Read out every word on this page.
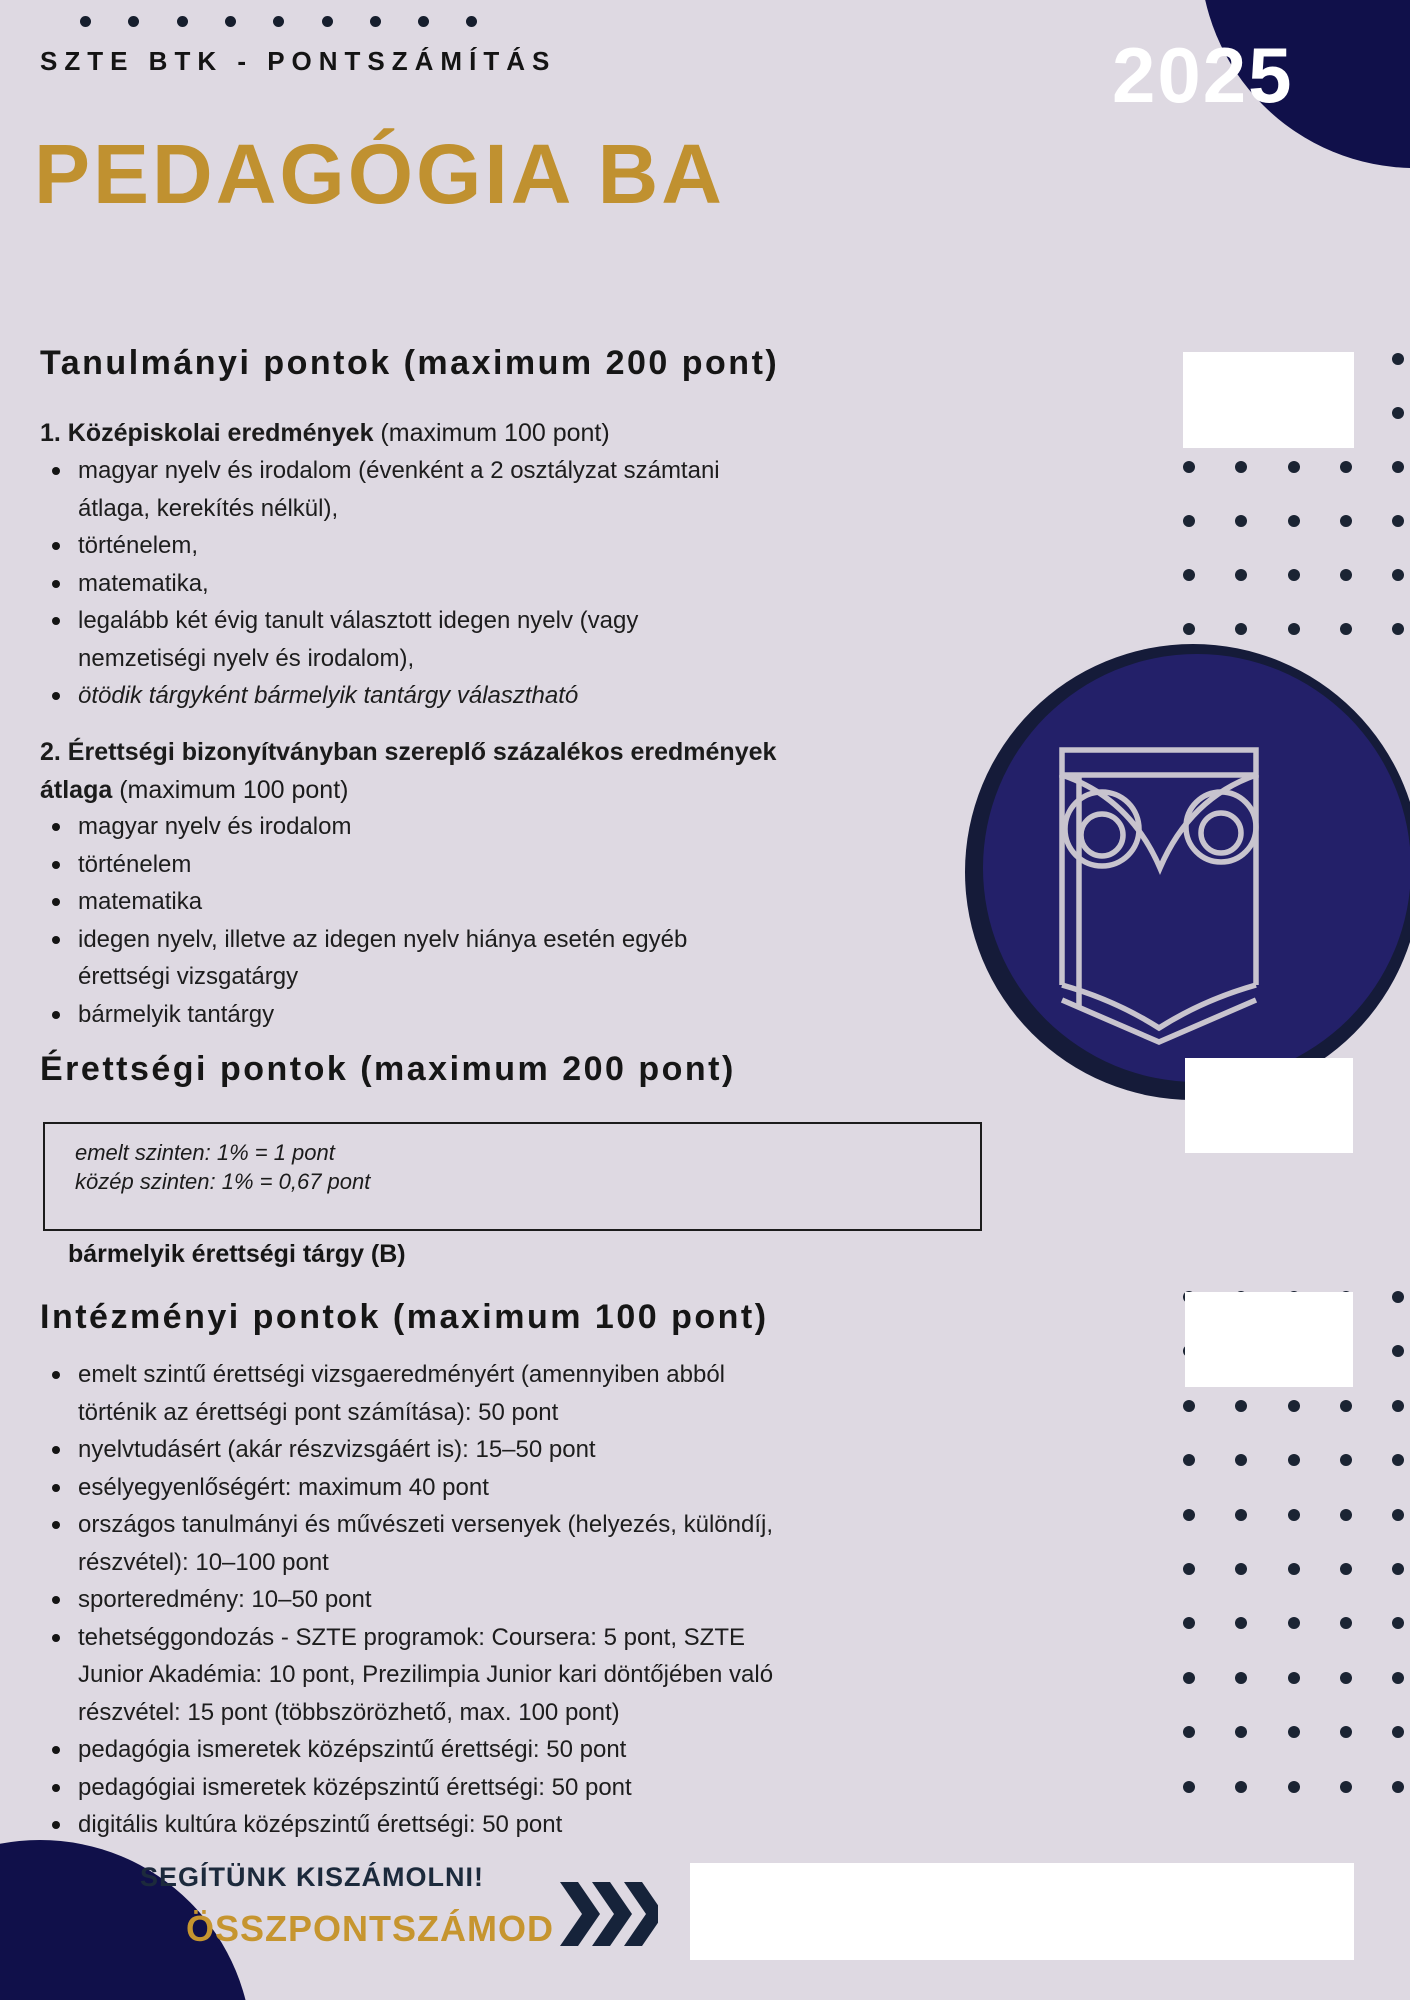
SZTE BTK - PONTSZÁMÍTÁS	2025
PEDAGÓGIA BA
Tanulmányi pontok (maximum 200 pont)
1. Középiskolai eredmények (maximum 100 pont)
magyar nyelv és irodalom (évenként a 2 osztályzat számtani átlaga, kerekítés nélkül),
történelem,
matematika,
legalább két évig tanult választott idegen nyelv (vagy nemzetiségi nyelv és irodalom),
ötödik tárgyként bármelyik tantárgy választható
2. Érettségi bizonyítványban szereplő százalékos eredmények átlaga (maximum 100 pont)
magyar nyelv és irodalom
történelem
matematika
idegen nyelv, illetve az idegen nyelv hiánya esetén egyéb érettségi vizsgatárgy
bármelyik tantárgy
Érettségi pontok (maximum 200 pont)
emelt szinten: 1% = 1 pont
közép szinten: 1% = 0,67 pont
bármelyik érettségi tárgy (B)
Intézményi pontok (maximum 100 pont)
emelt szintű érettségi vizsgaeredményért (amennyiben abból történik az érettségi pont számítása): 50 pont
nyelvtudásért (akár részvizsgáért is): 15–50 pont
esélyegyenlőségért: maximum 40 pont
országos tanulmányi és művészeti versenyek (helyezés, különdíj, részvétel): 10–100 pont
sporteredmény: 10–50 pont
tehetséggondozás - SZTE programok: Coursera: 5 pont, SZTE Junior Akadémia: 10 pont, Prezilimpia Junior kari döntőjében való részvétel: 15 pont (többszörözhető, max. 100 pont)
pedagógia ismeretek középszintű érettségi: 50 pont
pedagógiai ismeretek középszintű érettségi: 50 pont
digitális kultúra középszintű érettségi: 50 pont
SEGÍTÜNK KISZÁMOLNI!
ÖSSZPONTSZÁMOD
